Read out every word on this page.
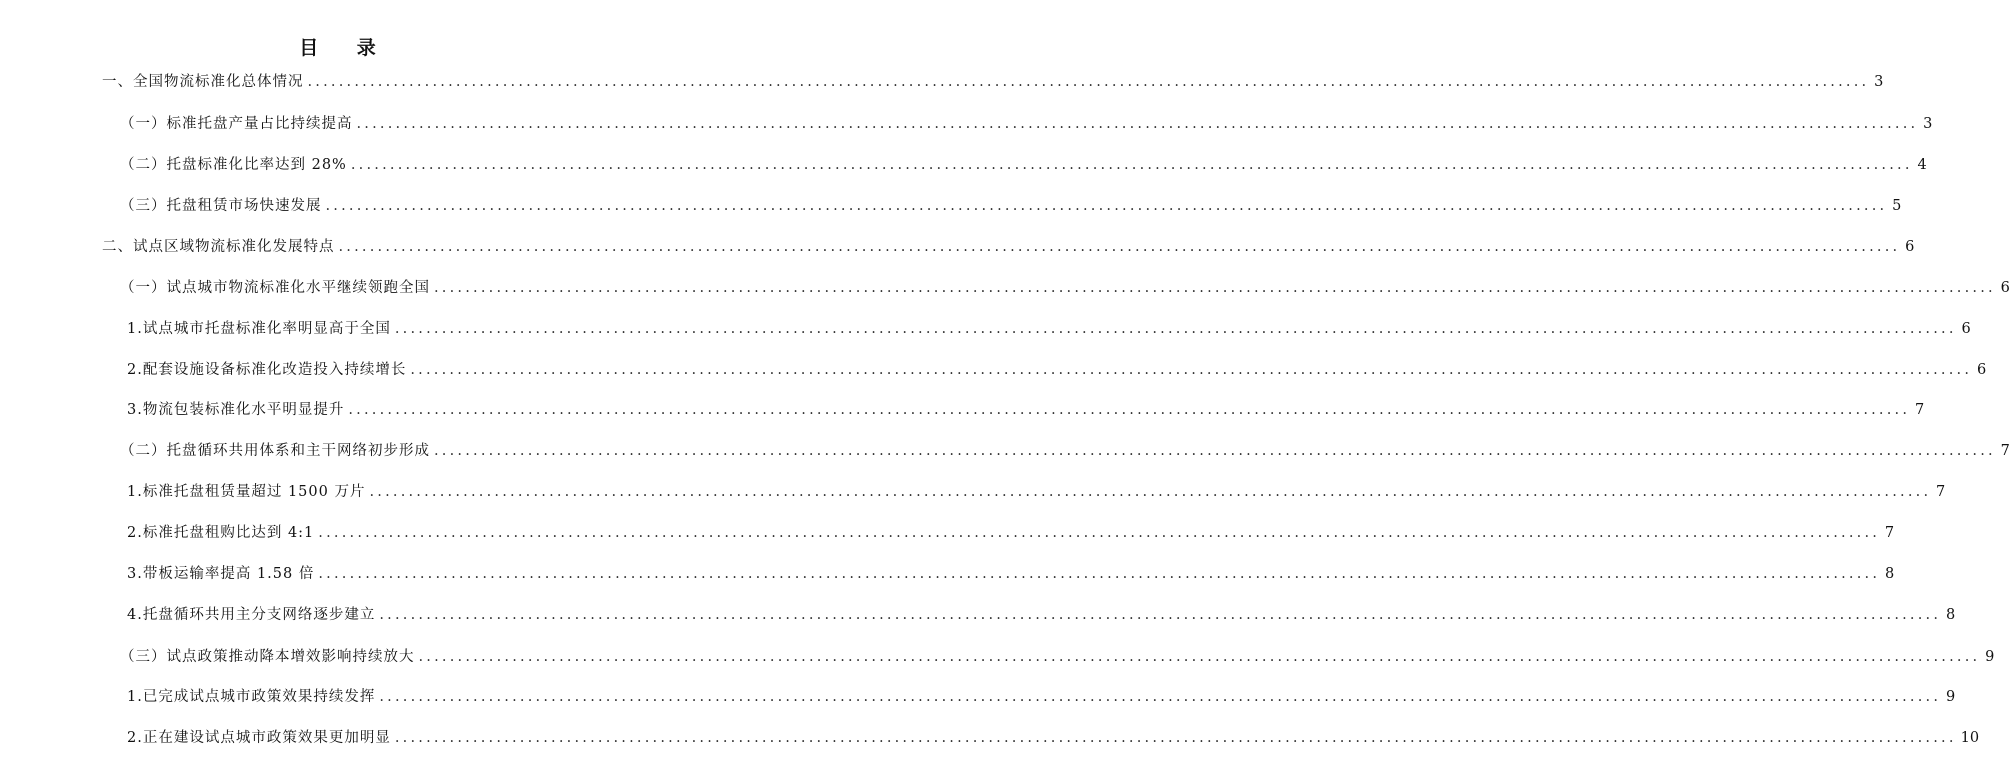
目 录
一、全国物流标准化总体情况 ........................................................................................................................................................................................................ 3
（一）标准托盘产量占比持续提高 ........................................................................................................................................................................................................ 3
（二）托盘标准化比率达到 28% ........................................................................................................................................................................................................ 4
（三）托盘租赁市场快速发展 ........................................................................................................................................................................................................ 5
二、试点区域物流标准化发展特点 ........................................................................................................................................................................................................ 6
（一）试点城市物流标准化水平继续领跑全国 ........................................................................................................................................................................................................ 6
1.试点城市托盘标准化率明显高于全国 ........................................................................................................................................................................................................ 6
2.配套设施设备标准化改造投入持续增长 ........................................................................................................................................................................................................ 6
3.物流包装标准化水平明显提升 ........................................................................................................................................................................................................ 7
（二）托盘循环共用体系和主干网络初步形成 ........................................................................................................................................................................................................ 7
1.标准托盘租赁量超过 1500 万片 ........................................................................................................................................................................................................ 7
2.标准托盘租购比达到 4:1 ........................................................................................................................................................................................................ 7
3.带板运输率提高 1.58 倍 ........................................................................................................................................................................................................ 8
4.托盘循环共用主分支网络逐步建立 ........................................................................................................................................................................................................ 8
（三）试点政策推动降本增效影响持续放大 ........................................................................................................................................................................................................ 9
1.已完成试点城市政策效果持续发挥 ........................................................................................................................................................................................................ 9
2.正在建设试点城市政策效果更加明显 ........................................................................................................................................................................................................ 10
